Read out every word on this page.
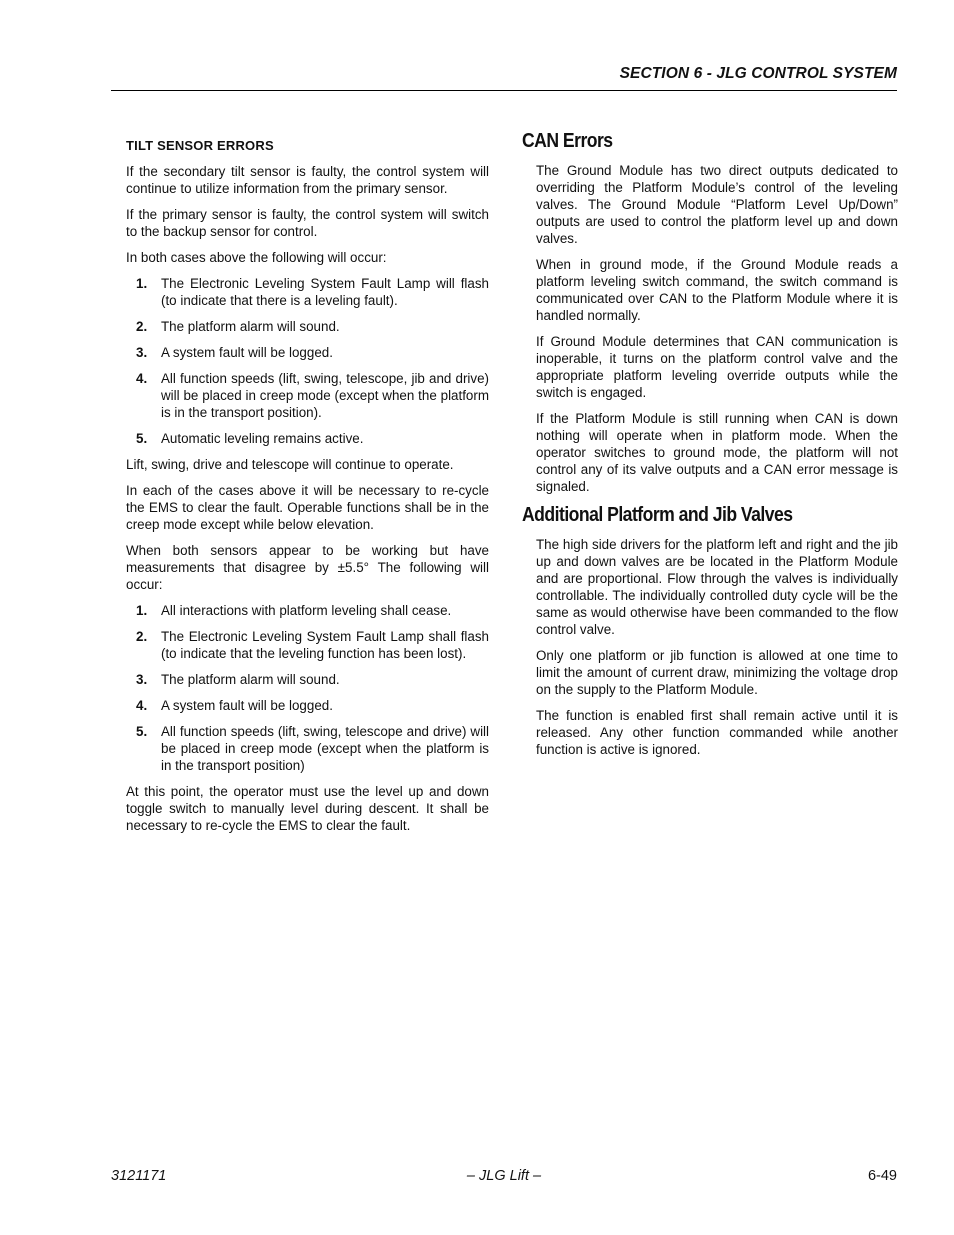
SECTION 6 - JLG CONTROL SYSTEM
TILT SENSOR ERRORS

If the secondary tilt sensor is faulty, the control system will continue to utilize information from the primary sensor.

If the primary sensor is faulty, the control system will switch to the backup sensor for control.

In both cases above the following will occur:

1.	The Electronic Leveling System Fault Lamp will flash (to indicate that there is a leveling fault).
2.	The platform alarm will sound.
3.	A system fault will be logged.
4.	All function speeds (lift, swing, telescope, jib and drive) will be placed in creep mode (except when the platform is in the transport position).
5.	Automatic leveling remains active.

Lift, swing, drive and telescope will continue to operate.

In each of the cases above it will be necessary to re-cycle the EMS to clear the fault. Operable functions shall be in the creep mode except while below elevation.

When both sensors appear to be working but have measurements that disagree by ±5.5° The following will occur:

1.	All interactions with platform leveling shall cease.
2.	The Electronic Leveling System Fault Lamp shall flash (to indicate that the leveling function has been lost).
3.	The platform alarm will sound.
4.	A system fault will be logged.
5.	All function speeds (lift, swing, telescope and drive) will be placed in creep mode (except when the platform is in the transport position)

At this point, the operator must use the level up and down toggle switch to manually level during descent. It shall be necessary to re-cycle the EMS to clear the fault.

CAN Errors

The Ground Module has two direct outputs dedicated to overriding the Platform Module’s control of the leveling valves. The Ground Module “Platform Level Up/Down” outputs are used to control the platform level up and down valves.

When in ground mode, if the Ground Module reads a platform leveling switch command, the switch command is communicated over CAN to the Platform Module where it is handled normally.

If Ground Module determines that CAN communication is inoperable, it turns on the platform control valve and the appropriate platform leveling override outputs while the switch is engaged.

If the Platform Module is still running when CAN is down nothing will operate when in platform mode. When the operator switches to ground mode, the platform will not control any of its valve outputs and a CAN error message is signaled.

Additional Platform and Jib Valves

The high side drivers for the platform left and right and the jib up and down valves are be located in the Platform Module and are proportional. Flow through the valves is individually controllable. The individually controlled duty cycle will be the same as would otherwise have been commanded to the flow control valve.

Only one platform or jib function is allowed at one time to limit the amount of current draw, minimizing the voltage drop on the supply to the Platform Module.

The function is enabled first shall remain active until it is released. Any other function commanded while another function is active is ignored.

3121171	– JLG Lift –	6-49
